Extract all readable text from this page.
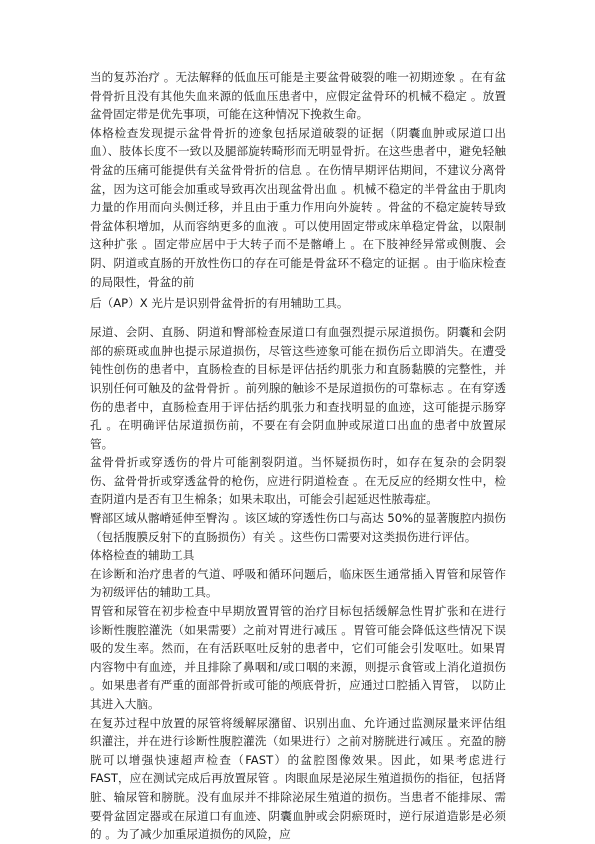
当的复苏治疗 。无法解释的低血压可能是主要盆骨破裂的唯一初期迹象 。在有盆骨骨折且没有其他失血来源的低血压患者中，应假定盆骨环的机械不稳定 。放置盆骨固定带是优先事项，可能在这种情况下挽救生命。

体格检查发现提示盆骨骨折的迹象包括尿道破裂的证据（阴囊血肿或尿道口出血）、肢体长度不一致以及腿部旋转畸形而无明显骨折。在这些患者中，避免轻触骨盆的压痛可能提供有关盆骨骨折的信息 。在伤情早期评估期间，不建议分离骨盆，因为这可能会加重或导致再次出现盆骨出血 。机械不稳定的半骨盆由于肌肉力量的作用而向头侧迁移，并且由于重力作用向外旋转 。骨盆的不稳定旋转导致骨盆体积增加，从而容纳更多的血液 。可以使用固定带或床单稳定骨盆，以限制这种扩张 。固定带应居中于大转子而不是髂嵴上 。在下肢神经异常或侧腹、会阴、阴道或直肠的开放性伤口的存在可能是骨盆环不稳定的证据 。由于临床检查的局限性，骨盆的前

后（AP）X 光片是识别骨盆骨折的有用辅助工具。

尿道、会阴、直肠、阴道和臀部检查尿道口有血强烈提示尿道损伤。阴囊和会阴部的瘀斑或血肿也提示尿道损伤，尽管这些迹象可能在损伤后立即消失。在遭受钝性创伤的患者中，直肠检查的目标是评估括约肌张力和直肠黏膜的完整性，并识别任何可触及的盆骨骨折 。前列腺的触诊不是尿道损伤的可靠标志 。在有穿透伤的患者中，直肠检查用于评估括约肌张力和查找明显的血迹，这可能提示肠穿孔 。在明确评估尿道损伤前，不要在有会阴血肿或尿道口出血的患者中放置尿管。

盆骨骨折或穿透伤的骨片可能割裂阴道。当怀疑损伤时，如存在复杂的会阴裂伤、盆骨骨折或穿透盆骨的枪伤，应进行阴道检查 。在无反应的经期女性中，检查阴道内是否有卫生棉条；如果未取出，可能会引起延迟性脓毒症。

臀部区域从髂嵴延伸至臀沟 。该区域的穿透性伤口与高达 50%的显著腹腔内损伤（包括腹膜反射下的直肠损伤）有关 。这些伤口需要对这类损伤进行评估。

体格检查的辅助工具

在诊断和治疗患者的气道、呼吸和循环问题后，临床医生通常插入胃管和尿管作为初级评估的辅助工具。

胃管和尿管在初步检查中早期放置胃管的治疗目标包括缓解急性胃扩张和在进行诊断性腹腔灌洗（如果需要）之前对胃进行减压 。胃管可能会降低这些情况下误吸的发生率。然而，在有活跃呕吐反射的患者中，它们可能会引发呕吐。如果胃内容物中有血迹，并且排除了鼻咽和/或口咽的来源，则提示食管或上消化道损伤 。如果患者有严重的面部骨折或可能的颅底骨折，应通过口腔插入胃管， 以防止其进入大脑。

在复苏过程中放置的尿管将缓解尿潴留、识别出血、允许通过监测尿量来评估组织灌注，并在进行诊断性腹腔灌洗（如果进行）之前对膀胱进行减压 。充盈的膀胱可以增强快速超声检查（FAST）的盆腔图像效果。因此，如果考虑进行 FAST，应在测试完成后再放置尿管 。肉眼血尿是泌尿生殖道损伤的指征，包括肾脏、输尿管和膀胱。没有血尿并不排除泌尿生殖道的损伤。当患者不能排尿、需要骨盆固定器或在尿道口有血迹、阴囊血肿或会阴瘀斑时，逆行尿道造影是必须的 。为了减少加重尿道损伤的风险，应
